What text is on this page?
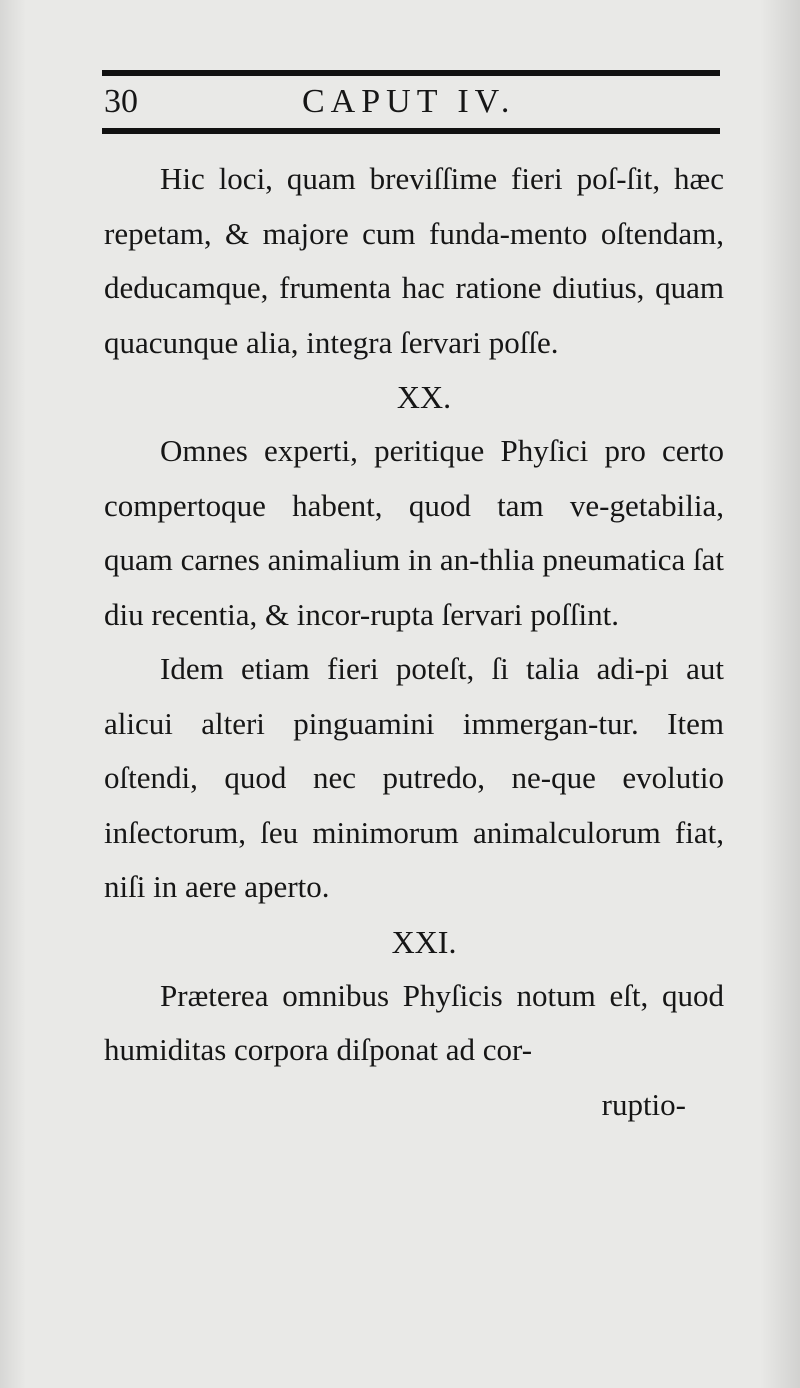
30	CAPUT IV.

Hic loci, quam breviſſime fieri poſ-ſit, hæc repetam, & majore cum funda-mento oſtendam, deducamque, frumenta hac ratione diutius, quam quacunque alia, integra ſervari poſſe.

XX.

Omnes experti, peritique Phyſici pro certo compertoque habent, quod tam ve-getabilia, quam carnes animalium in an-thlia pneumatica ſat diu recentia, & incor-rupta ſervari poſſint.

Idem etiam fieri poteſt, ſi talia adi-pi aut alicui alteri pinguamini immergan-tur. Item oſtendi, quod nec putredo, ne-que evolutio inſectorum, ſeu minimorum animalculorum fiat, niſi in aere aperto.

XXI.

Præterea omnibus Phyſicis notum eſt, quod humiditas corpora diſponat ad cor-

ruptio-
